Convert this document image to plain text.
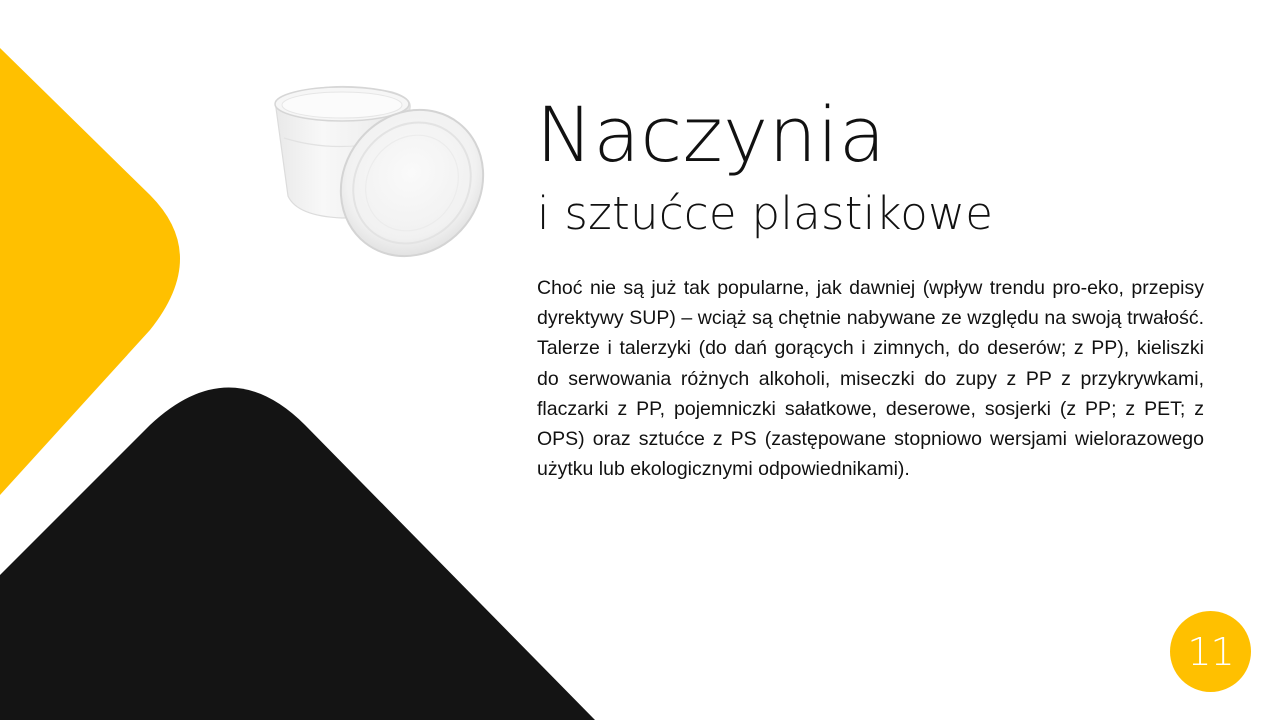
Naczynia
i sztućce plastikowe

Choć nie są już tak popularne, jak dawniej (wpływ trendu pro-eko, przepisy dyrektywy SUP) – wciąż są chętnie nabywane ze względu na swoją trwałość. Talerze i talerzyki (do dań gorących i zimnych, do deserów; z PP), kieliszki do serwowania różnych alkoholi, miseczki do zupy z PP z przykrywkami, flaczarki z PP, pojemniczki sałatkowe, deserowe, sosjerki (z PP; z PET; z OPS) oraz sztućce z PS (zastępowane stopniowo wersjami wielorazowego użytku lub ekologicznymi odpowiednikami).

11
